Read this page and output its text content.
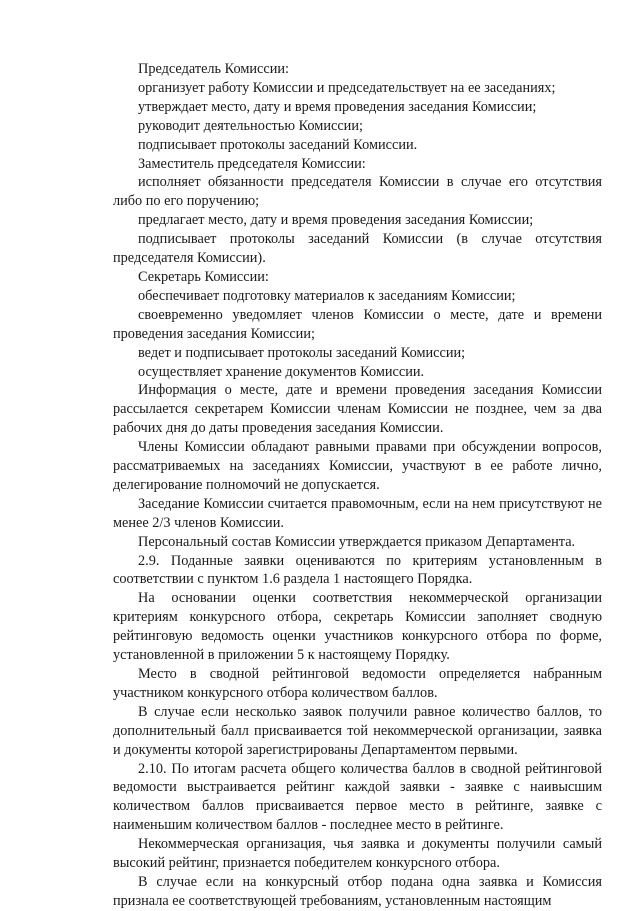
Председатель Комиссии:

организует работу Комиссии и председательствует на ее заседаниях;

утверждает место, дату и время проведения заседания Комиссии;

руководит деятельностью Комиссии;

подписывает протоколы заседаний Комиссии.

Заместитель председателя Комиссии:

исполняет обязанности председателя Комиссии в случае его отсутствия либо по его поручению;

предлагает место, дату и время проведения заседания Комиссии;

подписывает протоколы заседаний Комиссии (в случае отсутствия председателя Комиссии).

Секретарь Комиссии:

обеспечивает подготовку материалов к заседаниям Комиссии;

своевременно уведомляет членов Комиссии о месте, дате и времени проведения заседания Комиссии;

ведет и подписывает протоколы заседаний Комиссии;

осуществляет хранение документов Комиссии.

Информация о месте, дате и времени проведения заседания Комиссии рассылается секретарем Комиссии членам Комиссии не позднее, чем за два рабочих дня до даты проведения заседания Комиссии.

Члены Комиссии обладают равными правами при обсуждении вопросов, рассматриваемых на заседаниях Комиссии, участвуют в ее работе лично, делегирование полномочий не допускается.

Заседание Комиссии считается правомочным, если на нем присутствуют не менее 2/3 членов Комиссии.

Персональный состав Комиссии утверждается приказом Департамента.

2.9. Поданные заявки оцениваются по критериям установленным в соответствии с пунктом 1.6 раздела 1 настоящего Порядка.

На основании оценки соответствия некоммерческой организации критериям конкурсного отбора, секретарь Комиссии заполняет сводную рейтинговую ведомость оценки участников конкурсного отбора по форме, установленной в приложении 5 к настоящему Порядку.

Место в сводной рейтинговой ведомости определяется набранным участником конкурсного отбора количеством баллов.

В случае если несколько заявок получили равное количество баллов, то дополнительный балл присваивается той некоммерческой организации, заявка и документы которой зарегистрированы Департаментом первыми.

2.10. По итогам расчета общего количества баллов в сводной рейтинговой ведомости выстраивается рейтинг каждой заявки - заявке с наивысшим количеством баллов присваивается первое место в рейтинге, заявке с наименьшим количеством баллов - последнее место в рейтинге.

Некоммерческая организация, чья заявка и документы получили самый высокий рейтинг, признается победителем конкурсного отбора.

В случае если на конкурсный отбор подана одна заявка и Комиссия признала ее соответствующей требованиям, установленным настоящим
